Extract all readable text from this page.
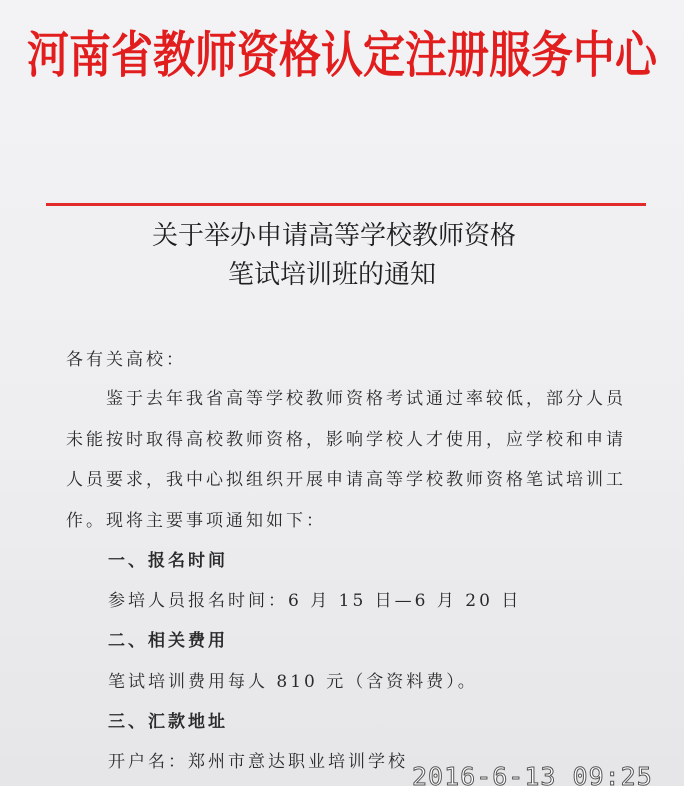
河南省教师资格认定注册服务中心
关于举办申请高等学校教师资格
笔试培训班的通知
各有关高校：
鉴于去年我省高等学校教师资格考试通过率较低，部分人员
未能按时取得高校教师资格，影响学校人才使用，应学校和申请
人员要求，我中心拟组织开展申请高等学校教师资格笔试培训工
作。现将主要事项通知如下：
一、报名时间
参培人员报名时间：6 月 15 日—6 月 20 日
二、相关费用
笔试培训费用每人 810 元（含资料费）。
三、汇款地址
开户名：郑州市意达职业培训学校 2016-6-13 09:25
